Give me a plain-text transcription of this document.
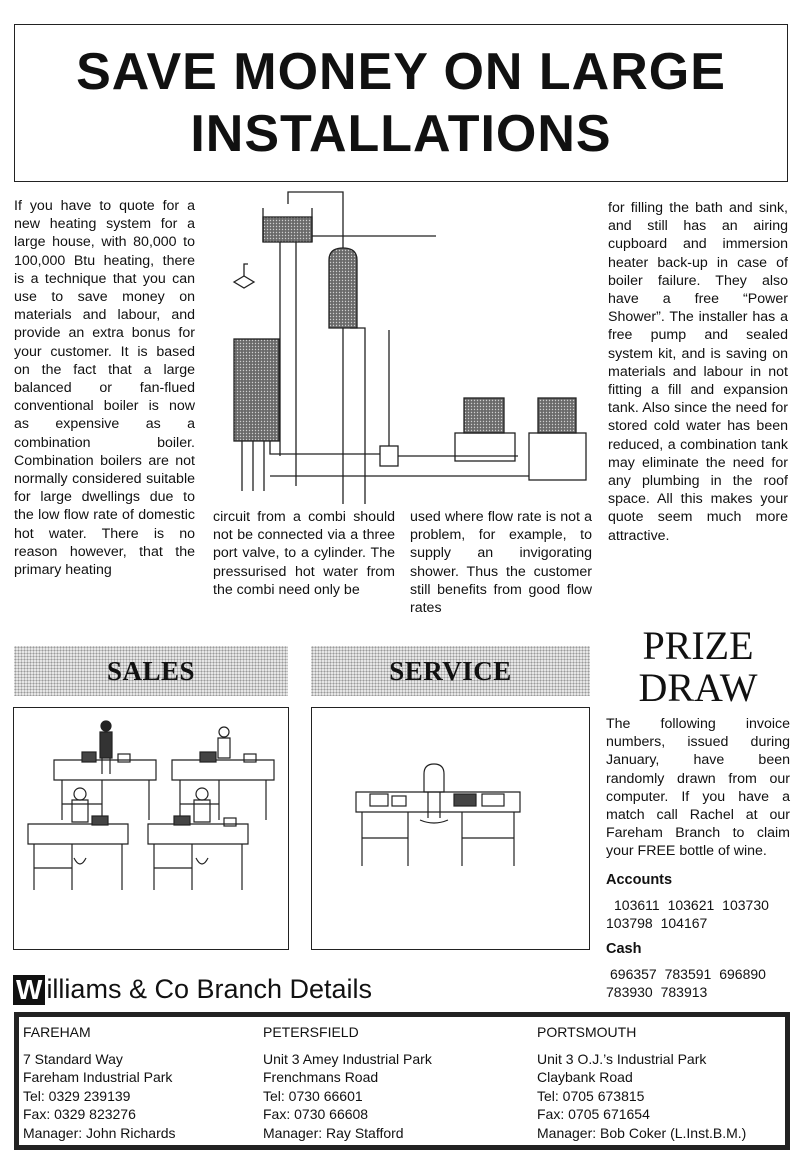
SAVE MONEY ON LARGE
INSTALLATIONS

If you have to quote for a new heating system for a large house, with 80,000 to 100,000 Btu heating, there is a technique that you can use to save money on materials and labour, and provide an extra bonus for your customer. It is based on the fact that a large balanced or fan-flued conventional boiler is now as expensive as a combination boiler. Combination boilers are not normally considered suitable for large dwellings due to the low flow rate of domestic hot water. There is no reason however, that the primary heating

circuit from a combi should not be connected via a three port valve, to a cylinder. The pressurised hot water from the combi need only be

used where flow rate is not a problem, for example, to supply an invigorating shower. Thus the customer still benefits from good flow rates

for filling the bath and sink, and still has an airing cupboard and immersion heater back-up in case of boiler failure. They also have a free “Power Shower”. The installer has a free pump and sealed system kit, and is saving on materials and labour in not fitting a fill and expansion tank. Also since the need for stored cold water has been reduced, a combination tank may eliminate the need for any plumbing in the roof space. All this makes your quote seem much more attractive.

SALES	SERVICE
PRIZE
DRAW
The following invoice numbers, issued during January, have been randomly drawn from our computer. If you have a match call Rachel at our Fareham Branch to claim your FREE bottle of wine.
Accounts
103611 103621 103730
103798 104167
Cash
696357 783591 696890
783930 783913
W illiams & Co Branch Details
FAREHAM
7 Standard Way
Fareham Industrial Park
Tel: 0329 239139
Fax: 0329 823276
Manager: John Richards
PETERSFIELD
Unit 3 Amey Industrial Park
Frenchmans Road
Tel: 0730 66601
Fax: 0730 66608
Manager: Ray Stafford
PORTSMOUTH
Unit 3 O.J.’s Industrial Park
Claybank Road
Tel: 0705 673815
Fax: 0705 671654
Manager: Bob Coker (L.Inst.B.M.)
